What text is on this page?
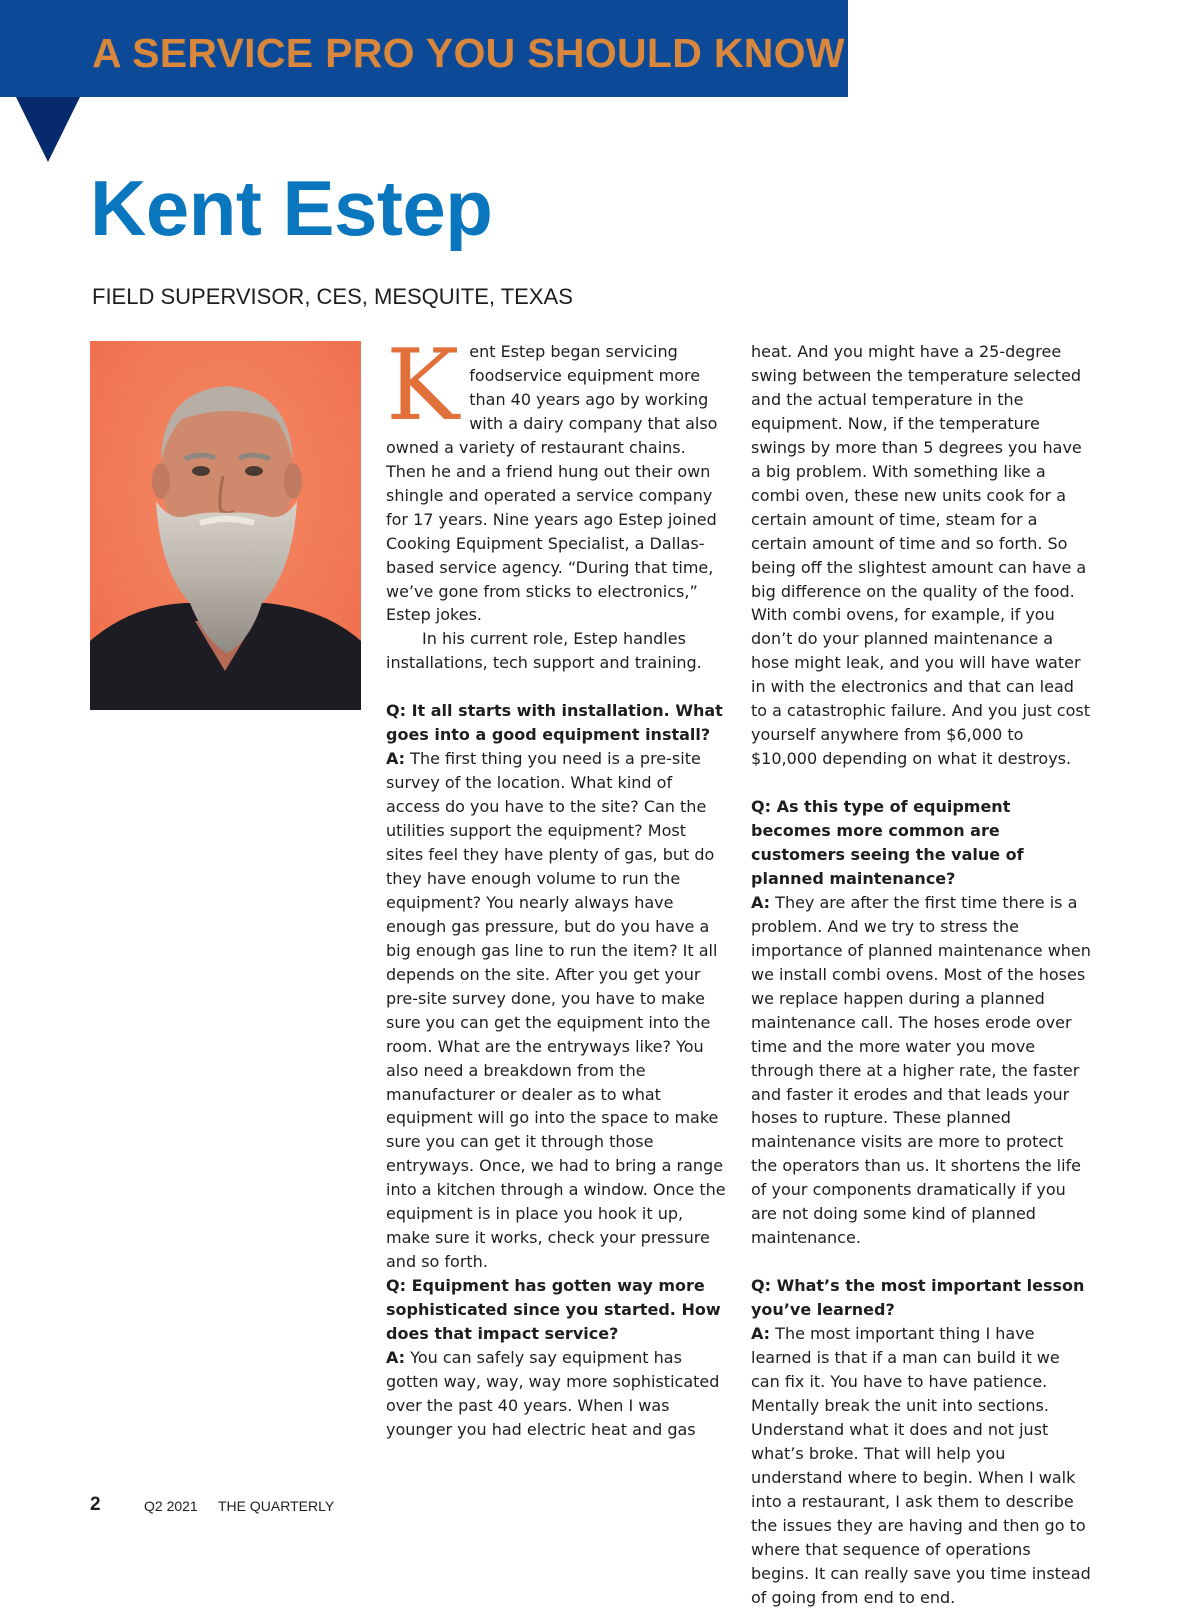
A SERVICE PRO YOU SHOULD KNOW
Kent Estep
FIELD SUPERVISOR, CES, MESQUITE, TEXAS
K ent Estep began servicing foodservice equipment more than 40 years ago by working with a dairy company that also owned a variety of restaurant chains. Then he and a friend hung out their own shingle and operated a service company for 17 years. Nine years ago Estep joined Cooking Equipment Specialist, a Dallas-based service agency. “During that time, we’ve gone from sticks to electronics,” Estep jokes.

In his current role, Estep handles installations, tech support and training.

Q: It all starts with installation. What goes into a good equipment install?

A: The first thing you need is a pre-site survey of the location. What kind of access do you have to the site? Can the utilities support the equipment? Most sites feel they have plenty of gas, but do they have enough volume to run the equipment? You nearly always have enough gas pressure, but do you have a big enough gas line to run the item? It all depends on the site. After you get your pre-site survey done, you have to make sure you can get the equipment into the room. What are the entryways like? You also need a breakdown from the manufacturer or dealer as to what equipment will go into the space to make sure you can get it through those entryways. Once, we had to bring a range into a kitchen through a window. Once the equipment is in place you hook it up, make sure it works, check your pressure and so forth.

Q: Equipment has gotten way more sophisticated since you started. How does that impact service?

A: You can safely say equipment has gotten way, way, way more sophisticated over the past 40 years. When I was younger you had electric heat and gas

heat. And you might have a 25-degree swing between the temperature selected and the actual temperature in the equipment. Now, if the temperature swings by more than 5 degrees you have a big problem. With something like a combi oven, these new units cook for a certain amount of time, steam for a certain amount of time and so forth. So being off the slightest amount can have a big difference on the quality of the food. With combi ovens, for example, if you don’t do your planned maintenance a hose might leak, and you will have water in with the electronics and that can lead to a catastrophic failure. And you just cost yourself anywhere from $6,000 to $10,000 depending on what it destroys.

Q: As this type of equipment becomes more common are customers seeing the value of planned maintenance?

A: They are after the first time there is a problem. And we try to stress the importance of planned maintenance when we install combi ovens. Most of the hoses we replace happen during a planned maintenance call. The hoses erode over time and the more water you move through there at a higher rate, the faster and faster it erodes and that leads your hoses to rupture. These planned maintenance visits are more to protect the operators than us. It shortens the life of your components dramatically if you are not doing some kind of planned maintenance.

Q: What’s the most important lesson you’ve learned?

A: The most important thing I have learned is that if a man can build it we can fix it. You have to have patience. Mentally break the unit into sections. Understand what it does and not just what’s broke. That will help you understand where to begin. When I walk into a restaurant, I ask them to describe the issues they are having and then go to where that sequence of operations begins. It can really save you time instead of going from end to end.

2	Q2 2021 THE QUARTERLY
